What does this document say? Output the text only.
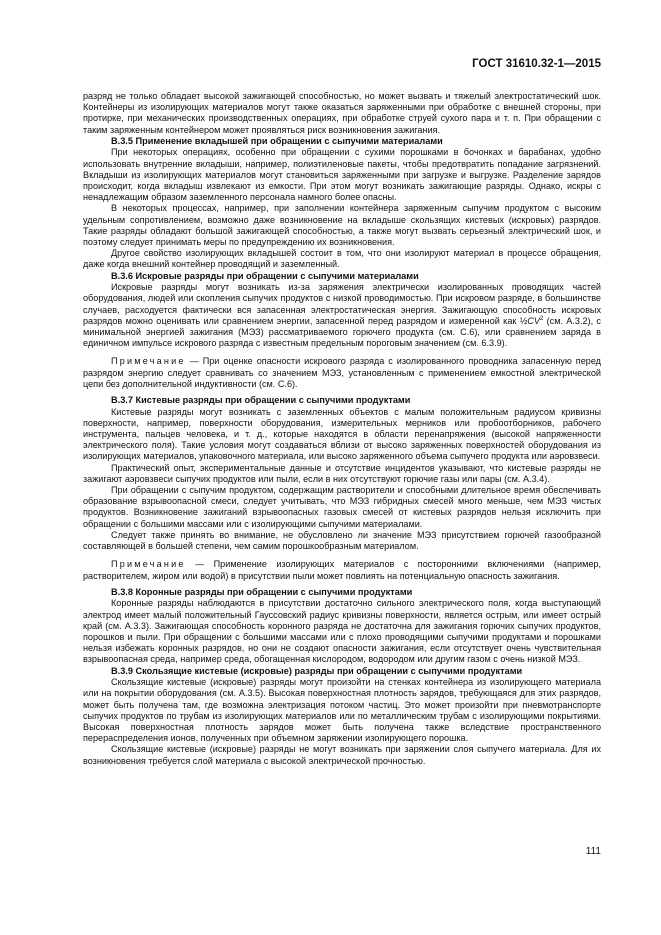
ГОСТ 31610.32-1—2015

разряд не только обладает высокой зажигающей способностью, но может вызвать и тяжелый электростатический шок. Контейнеры из изолирующих материалов могут также оказаться заряженными при обработке с внешней стороны, при протирке, при механических производственных операциях, при обработке струей сухого пара и т. п. При обращении с таким заряженным контейнером может проявляться риск возникновения зажигания.

В.3.5 Применение вкладышей при обращении с сыпучими материалами

При некоторых операциях, особенно при обращении с сухими порошками в бочонках и барабанах, удобно использовать внутренние вкладыши, например, полиэтиленовые пакеты, чтобы предотвратить попадание загрязнений. Вкладыши из изолирующих материалов могут становиться заряженными при загрузке и выгрузке. Разделение зарядов происходит, когда вкладыш извлекают из емкости. При этом могут возникать зажигающие разряды. Однако, искры с ненадлежащим образом заземленного персонала намного более опасны.

В некоторых процессах, например, при заполнении контейнера заряженным сыпучим продуктом с высоким удельным сопротивлением, возможно даже возникновение на вкладыше скользящих кистевых (искровых) разрядов. Такие разряды обладают большой зажигающей способностью, а также могут вызвать серьезный электрический шок, и поэтому следует принимать меры по предупреждению их возникновения.

Другое свойство изолирующих вкладышей состоит в том, что они изолируют материал в процессе обращения, даже когда внешний контейнер проводящий и заземленный.

В.3.6 Искровые разряды при обращении с сыпучими материалами

Искровые разряды могут возникать из-за заряжения электрически изолированных проводящих частей оборудования, людей или скопления сыпучих продуктов с низкой проводимостью. При искровом разряде, в большинстве случаев, расходуется фактически вся запасенная электростатическая энергия. Зажигающую способность искровых разрядов можно оценивать или сравнением энергии, запасенной перед разрядом и измеренной как $\frac{1}{2}CV^2$ (см. А.3.2), с минимальной энергией зажигания (МЭЗ) рассматриваемого горючего продукта (см. С.6), или сравнением заряда в единичном импульсе искрового разряда с известным предельным пороговым значением (см. 6.3.9).

Примечание — При оценке опасности искрового разряда с изолированного проводника запасенную перед разрядом энергию следует сравнивать со значением МЭЗ, установленным с применением емкостной электрической цепи без дополнительной индуктивности (см. С.6).

В.3.7 Кистевые разряды при обращении с сыпучими продуктами

Кистевые разряды могут возникать с заземленных объектов с малым положительным радиусом кривизны поверхности, например, поверхности оборудования, измерительных мерников или пробоотборников, рабочего инструмента, пальцев человека, и т. д., которые находятся в области перенапряжения (высокой напряженности электрического поля). Такие условия могут создаваться вблизи от высоко заряженных поверхностей оборудования из изолирующих материалов, упаковочного материала, или высоко заряженного объема сыпучего продукта или аэровзвеси.

Практический опыт, экспериментальные данные и отсутствие инцидентов указывают, что кистевые разряды не зажигают аэровзвеси сыпучих продуктов или пыли, если в них отсутствуют горючие газы или пары (см. А.3.4).

При обращении с сыпучим продуктом, содержащим растворители и способными длительное время обеспечивать образование взрывоопасной смеси, следует учитывать, что МЭЗ гибридных смесей много меньше, чем МЭЗ чистых продуктов. Возникновение зажиганий взрывоопасных газовых смесей от кистевых разрядов нельзя исключить при обращении с большими массами или с изолирующими сыпучими материалами.

Следует также принять во внимание, не обусловлено ли значение МЭЗ присутствием горючей газообразной составляющей в большей степени, чем самим порошкообразным материалом.

Примечание — Применение изолирующих материалов с посторонними включениями (например, растворителем, жиром или водой) в присутствии пыли может повлиять на потенциальную опасность зажигания.

В.3.8 Коронные разряды при обращении с сыпучими продуктами

Коронные разряды наблюдаются в присутствии достаточно сильного электрического поля, когда выступающий электрод имеет малый положительный Гауссовский радиус кривизны поверхности, является острым, или имеет острый край (см. А.3.3). Зажигающая способность коронного разряда не достаточна для зажигания горючих сыпучих продуктов, порошков и пыли. При обращении с большими массами или с плохо проводящими сыпучими продуктами и порошками нельзя избежать коронных разрядов, но они не создают опасности зажигания, если отсутствует очень чувствительная взрывоопасная среда, например среда, обогащенная кислородом, водородом или другим газом с очень низкой МЭЗ.

В.3.9 Скользящие кистевые (искровые) разряды при обращении с сыпучими продуктами

Скользящие кистевые (искровые) разряды могут произойти на стенках контейнера из изолирующего материала или на покрытии оборудования (см. А.3.5). Высокая поверхностная плотность зарядов, требующаяся для этих разрядов, может быть получена там, где возможна электризация потоком частиц. Это может произойти при пневмотранспорте сыпучих продуктов по трубам из изолирующих материалов или по металлическим трубам с изолирующими покрытиями. Высокая поверхностная плотность зарядов может быть получена также вследствие пространственного перераспределения ионов, полученных при объемном заряжении изолирующего порошка.

Скользящие кистевые (искровые) разряды не могут возникать при заряжении слоя сыпучего материала. Для их возникновения требуется слой материала с высокой электрической прочностью.

111
